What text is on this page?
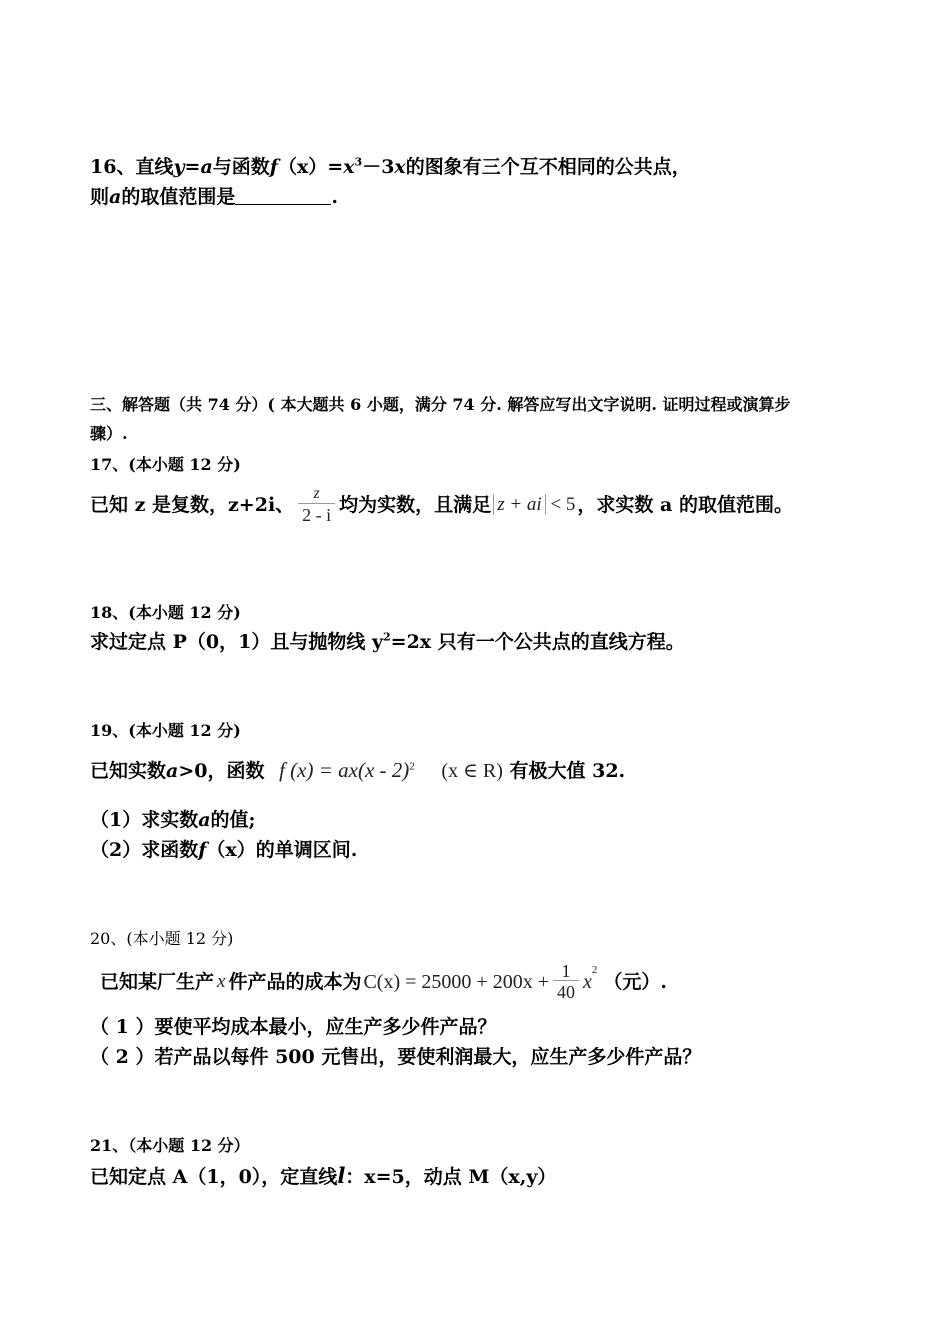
16、直线y=a与函数$f(x)=x^3-3x$的图象有三个互不相同的公共点，
则a的取值范围是	.
三、解答题（共 74 分）( 本大题共 6 小题，满分 74 分. 解答应写出文字说明. 证明过程或演算步
骤）.
17、(本小题 12 分)
已知 z 是复数，z+2i、 $\frac{z}{2 - i}$ 均为实数，且满足 z + ai < 5 ，求实数 a 的取值范围。
18、(本小题 12 分)
求过定点 P（0，1）且与抛物线 $y^2=2x$ 只有一个公共点的直线方程。
19、(本小题 12 分)
已知实数a>0，函数 f (x) = ax(x - 2)$^2$ (x ∈ R) 有极大值 32.
（1）求实数a的值;
（2）求函数f（x）的单调区间.
20、(本小题 12 分)
已知某厂生产 x 件产品的成本为 $C(x) = 25000 + 200x + \frac{1}{40}$ x
2
（元）.
（ 1 ）要使平均成本最小，应生产多少件产品？
（ 2 ）若产品以每件 500 元售出，要使利润最大，应生产多少件产品？
21、（本小题 12 分）
已知定点 A（1，0），定直线l：x=5，动点 M（x,y）
